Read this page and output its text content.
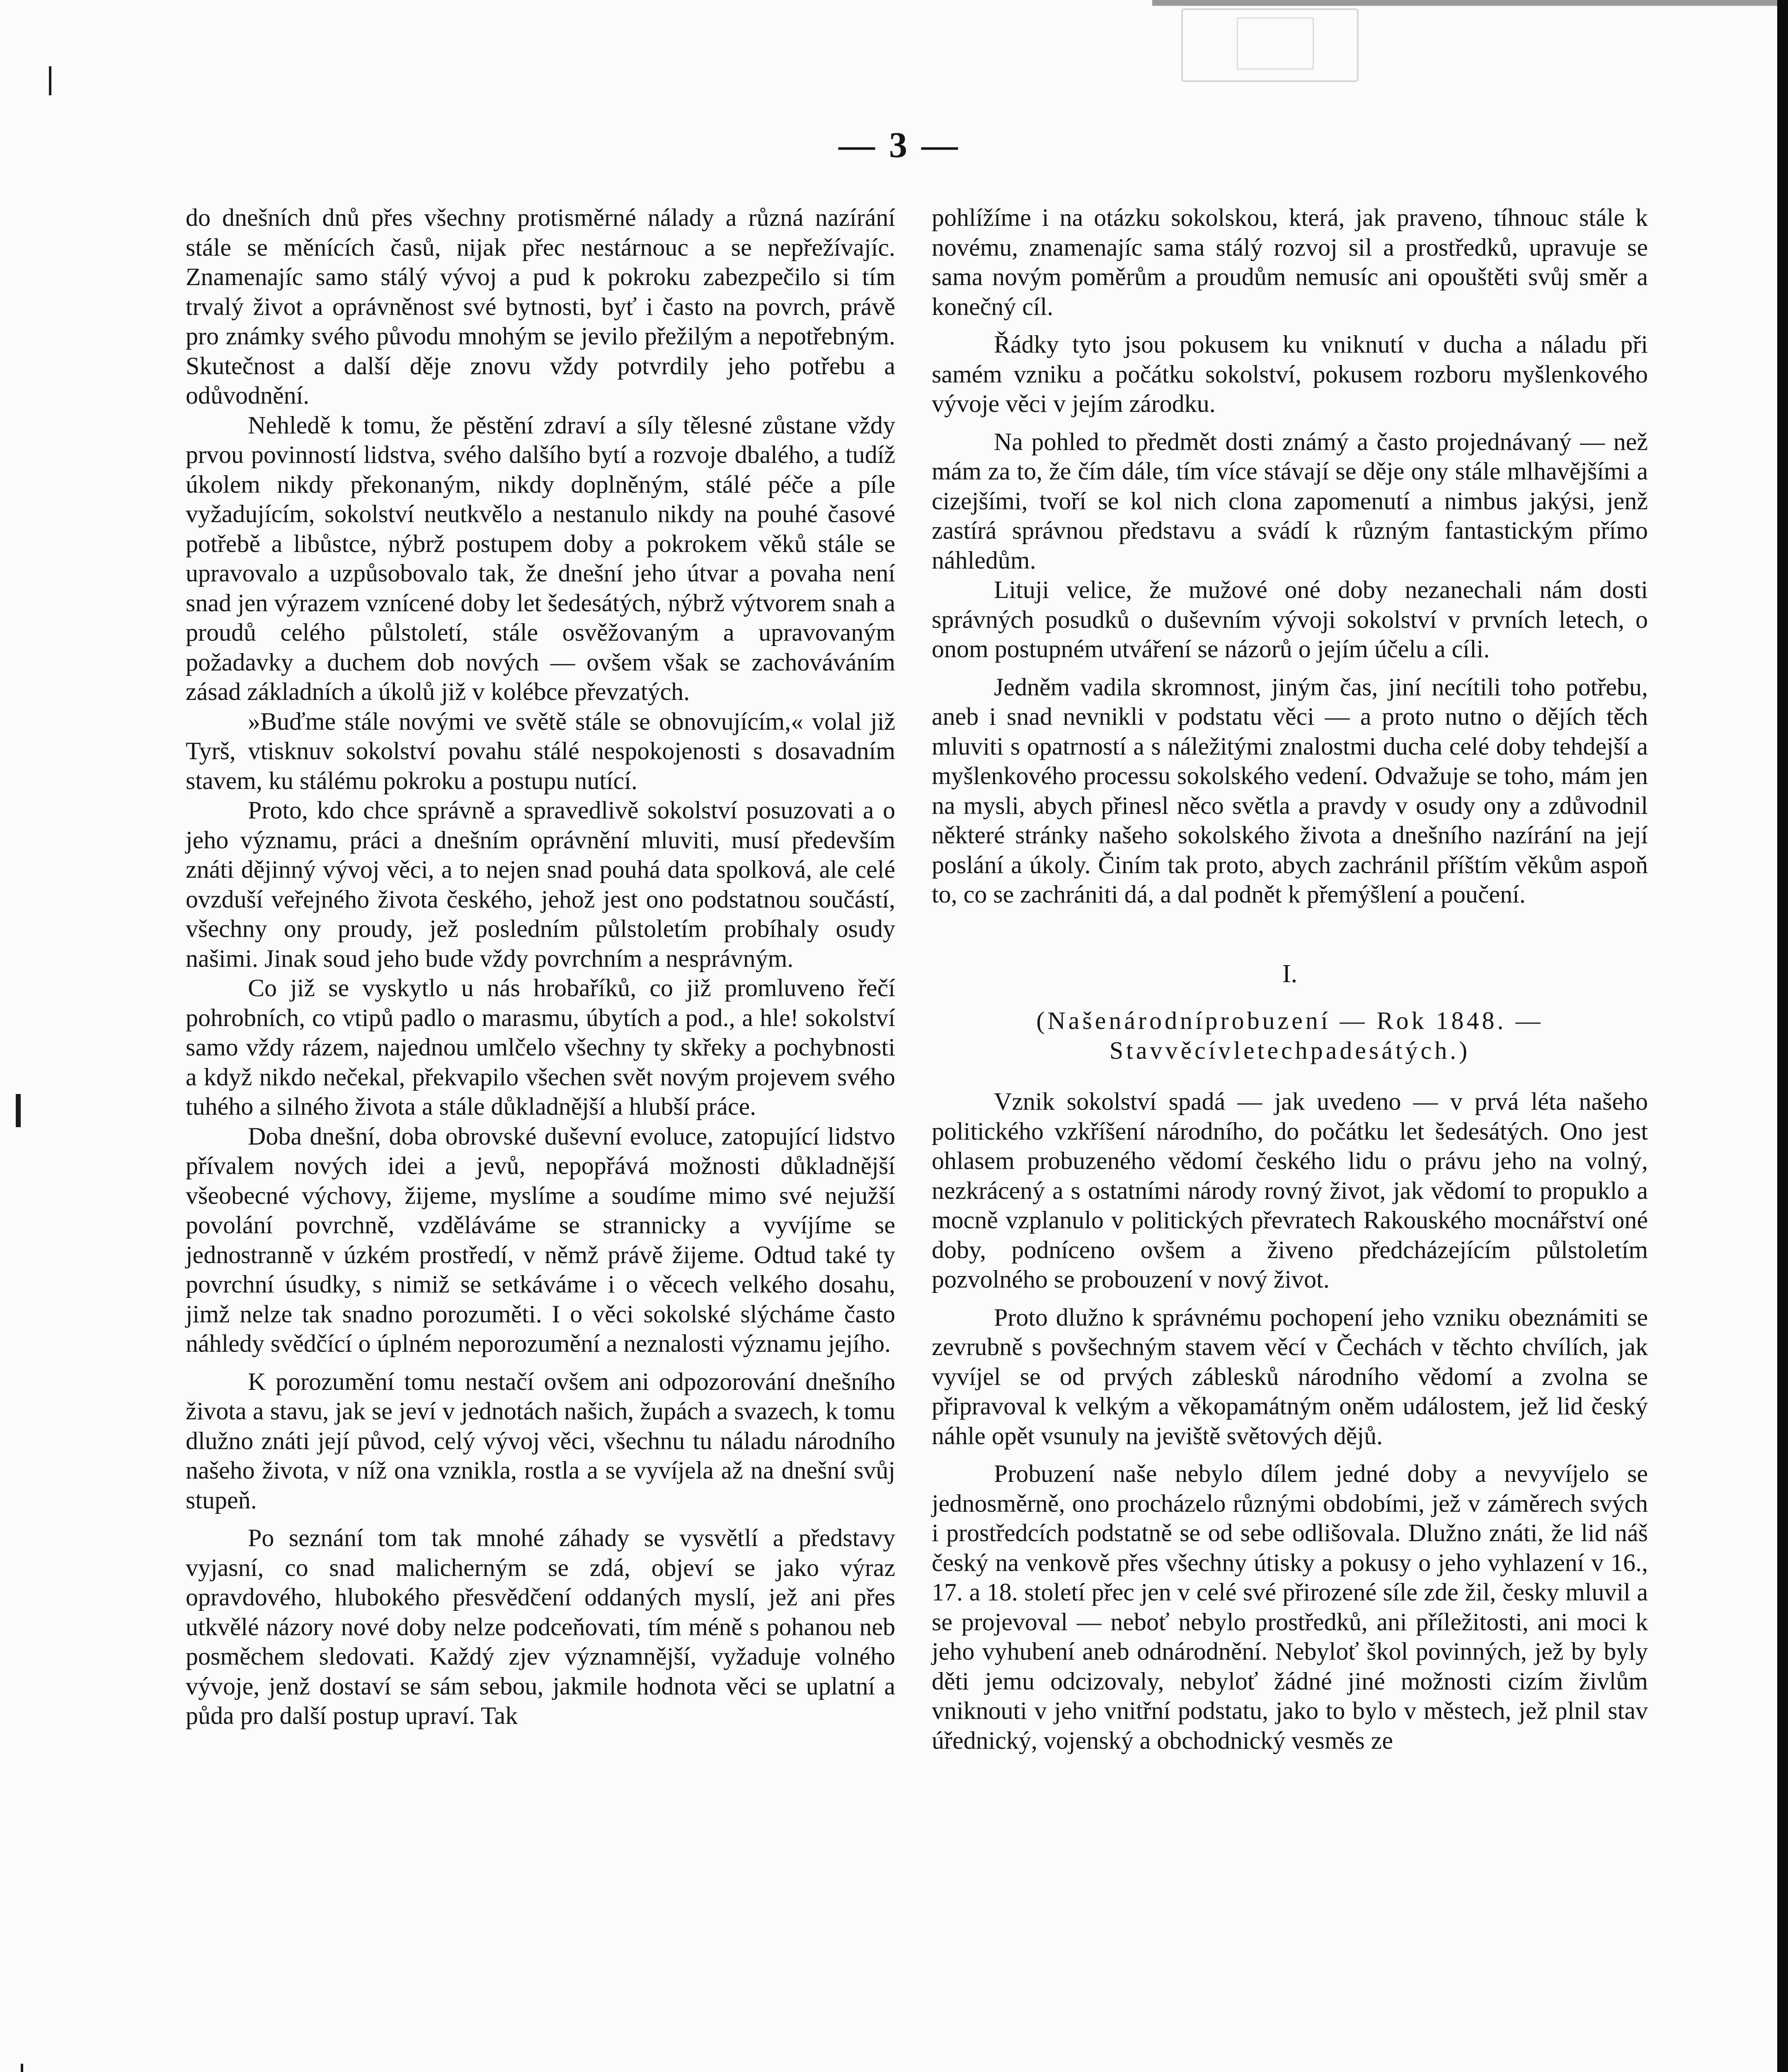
— 3 —

do dnešních dnů přes všechny protisměrné nálady a různá nazírání stále se měnících časů, nijak přec nestárnouc a se nepřežívajíc. Znamenajíc samo stálý vývoj a pud k pokroku zabezpečilo si tím trvalý život a oprávněnost své bytnosti, byť i často na povrch, právě pro známky svého původu mnohým se jevilo přežilým a nepotřebným. Skutečnost a další děje znovu vždy potvrdily jeho potřebu a odůvodnění.

Nehledě k tomu, že pěstění zdraví a síly tělesné zůstane vždy prvou povinností lidstva, svého dalšího bytí a rozvoje dbalého, a tudíž úkolem nikdy překonaným, nikdy doplněným, stálé péče a píle vyžadujícím, sokolství neutkvělo a nestanulo nikdy na pouhé časové potřebě a libůstce, nýbrž postupem doby a pokrokem věků stále se upravovalo a uzpůsobovalo tak, že dnešní jeho útvar a povaha není snad jen výrazem vznícené doby let šedesátých, nýbrž výtvorem snah a proudů celého půlstoletí, stále osvěžovaným a upravovaným požadavky a duchem dob nových — ovšem však se zachováváním zásad základních a úkolů již v kolébce převzatých.

»Buďme stále novými ve světě stále se obnovujícím,« volal již Tyrš, vtisknuv sokolství povahu stálé nespokojenosti s dosavadním stavem, ku stálému pokroku a postupu nutící.

Proto, kdo chce správně a spravedlivě sokolství posuzovati a o jeho významu, práci a dnešním oprávnění mluviti, musí především znáti dějinný vývoj věci, a to nejen snad pouhá data spolková, ale celé ovzduší veřejného života českého, jehož jest ono podstatnou součástí, všechny ony proudy, jež posledním půlstoletím probíhaly osudy našimi. Jinak soud jeho bude vždy povrchním a nesprávným.

Co již se vyskytlo u nás hrobaříků, co již promluveno řečí pohrobních, co vtipů padlo o marasmu, úbytích a pod., a hle! sokolství samo vždy rázem, najednou umlčelo všechny ty skřeky a pochybnosti a když nikdo nečekal, překvapilo všechen svět novým projevem svého tuhého a silného života a stále důkladnější a hlubší práce.

Doba dnešní, doba obrovské duševní evoluce, zatopující lidstvo přívalem nových idei a jevů, nepopřává možnosti důkladnější všeobecné výchovy, žijeme, myslíme a soudíme mimo své nejužší povolání povrchně, vzděláváme se strannicky a vyvíjíme se jednostranně v úzkém prostředí, v němž právě žijeme. Odtud také ty povrchní úsudky, s nimiž se setkáváme i o věcech velkého dosahu, jimž nelze tak snadno porozuměti. I o věci sokolské slýcháme často náhledy svědčící o úplném neporozumění a neznalosti významu jejího.

K porozumění tomu nestačí ovšem ani odpozorování dnešního života a stavu, jak se jeví v jednotách našich, župách a svazech, k tomu dlužno znáti její původ, celý vývoj věci, všechnu tu náladu národního našeho života, v níž ona vznikla, rostla a se vyvíjela až na dnešní svůj stupeň.

Po seznání tom tak mnohé záhady se vysvětlí a představy vyjasní, co snad malicherným se zdá, objeví se jako výraz opravdového, hlubokého přesvědčení oddaných myslí, jež ani přes utkvělé názory nové doby nelze podceňovati, tím méně s pohanou neb posměchem sledovati. Každý zjev významnější, vyžaduje volného vývoje, jenž dostaví se sám sebou, jakmile hodnota věci se uplatní a půda pro další postup upraví. Tak

pohlížíme i na otázku sokolskou, která, jak praveno, tíhnouc stále k novému, znamenajíc sama stálý rozvoj sil a prostředků, upravuje se sama novým poměrům a proudům nemusíc ani opouštěti svůj směr a konečný cíl.

Řádky tyto jsou pokusem ku vniknutí v ducha a náladu při samém vzniku a počátku sokolství, pokusem rozboru myšlenkového vývoje věci v jejím zárodku.

Na pohled to předmět dosti známý a často projednávaný — než mám za to, že čím dále, tím více stávají se děje ony stále mlhavějšími a cizejšími, tvoří se kol nich clona zapomenutí a nimbus jakýsi, jenž zastírá správnou představu a svádí k různým fantastickým přímo náhledům.

Lituji velice, že mužové oné doby nezanechali nám dosti správných posudků o duševním vývoji sokolství v prvních letech, o onom postupném utváření se názorů o jejím účelu a cíli.

Jedněm vadila skromnost, jiným čas, jiní necítili toho potřebu, aneb i snad nevnikli v podstatu věci — a proto nutno o dějích těch mluviti s opatrností a s náležitými znalostmi ducha celé doby tehdejší a myšlenkového processu sokolského vedení. Odvažuje se toho, mám jen na mysli, abych přinesl něco světla a pravdy v osudy ony a zdůvodnil některé stránky našeho sokolského života a dnešního nazírání na její poslání a úkoly. Činím tak proto, abych zachránil příštím věkům aspoň to, co se zachrániti dá, a dal podnět k přemýšlení a poučení.

I.
(Našenárodníprobuzení — Rok 1848. —
Stavvěcívletechpadesátých.)

Vznik sokolství spadá — jak uvedeno — v prvá léta našeho politického vzkříšení národního, do počátku let šedesátých. Ono jest ohlasem probuzeného vědomí českého lidu o právu jeho na volný, nezkrácený a s ostatními národy rovný život, jak vědomí to propuklo a mocně vzplanulo v politických převratech Rakouského mocnářství oné doby, podníceno ovšem a živeno předcházejícím půlstoletím pozvolného se probouzení v nový život.

Proto dlužno k správnému pochopení jeho vzniku obeznámiti se zevrubně s povšechným stavem věcí v Čechách v těchto chvílích, jak vyvíjel se od prvých záblesků národního vědomí a zvolna se připravoval k velkým a věkopamátným oněm událostem, jež lid český náhle opět vsunuly na jeviště světových dějů.

Probuzení naše nebylo dílem jedné doby a nevyvíjelo se jednosměrně, ono procházelo různými obdobími, jež v záměrech svých i prostředcích podstatně se od sebe odlišovala. Dlužno znáti, že lid náš český na venkově přes všechny útisky a pokusy o jeho vyhlazení v 16., 17. a 18. století přec jen v celé své přirozené síle zde žil, česky mluvil a se projevoval — neboť nebylo prostředků, ani příležitosti, ani moci k jeho vyhubení aneb odnárodnění. Nebyloť škol povinných, jež by byly děti jemu odcizovaly, nebyloť žádné jiné možnosti cizím živlům vniknouti v jeho vnitřní podstatu, jako to bylo v městech, jež plnil stav úřednický, vojenský a obchodnický vesměs ze
